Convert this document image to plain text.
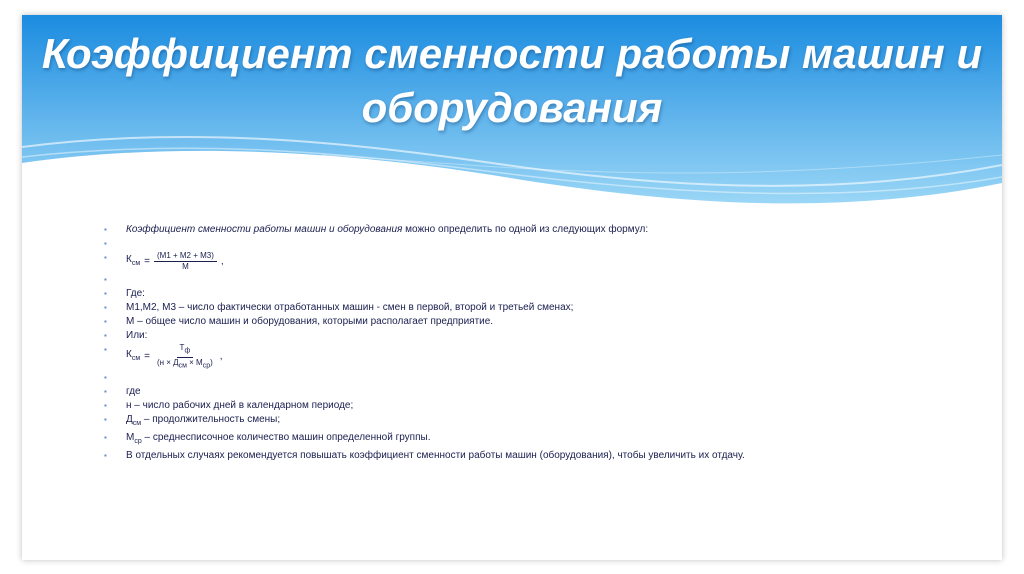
Коэффициент сменности работы машин и оборудования
▪	Коэффициент сменности работы машин и оборудования можно определить по одной из следующих формул:
▪
▪	$К_{см} = \frac{(M1 + M2 + M3)}{M}$ ,
▪
▪	Где:
▪	М1,М2, М3 – число фактически отработанных машин - смен в первой, второй и третьей сменах;
▪	М – общее число машин и оборудования, которыми располагает предприятие.
▪	Или:
▪	$К_{см} = \frac{T_ф}{(н \times Д_{см} \times М_{ср})}$ ,
▪
▪	где
▪	н – число рабочих дней в календарном периоде;
▪	$Д_{см}$ – продолжительность смены;
▪	$М_{ср}$ – среднесписочное количество машин определенной группы.
▪	В отдельных случаях рекомендуется повышать коэффициент сменности работы машин (оборудования), чтобы увеличить их отдачу.
